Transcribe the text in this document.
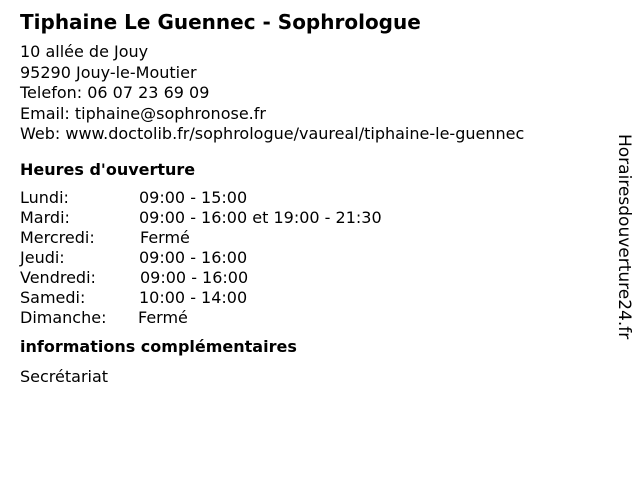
Tiphaine Le Guennec - Sophrologue
10 allée de Jouy
95290 Jouy-le-Moutier
Telefon: 06 07 23 69 09
Email: tiphaine@sophronose.fr
Web: www.doctolib.fr/sophrologue/vaureal/tiphaine-le-guennec
Heures d'ouverture
Lundi:	09:00 - 15:00
Mardi:	09:00 - 16:00 et 19:00 - 21:30
Mercredi:	Fermé
Jeudi:	09:00 - 16:00
Vendredi:	09:00 - 16:00
Samedi:	10:00 - 14:00
Dimanche: Fermé
informations complémentaires
Secrétariat
Horairesdouverture24.fr
